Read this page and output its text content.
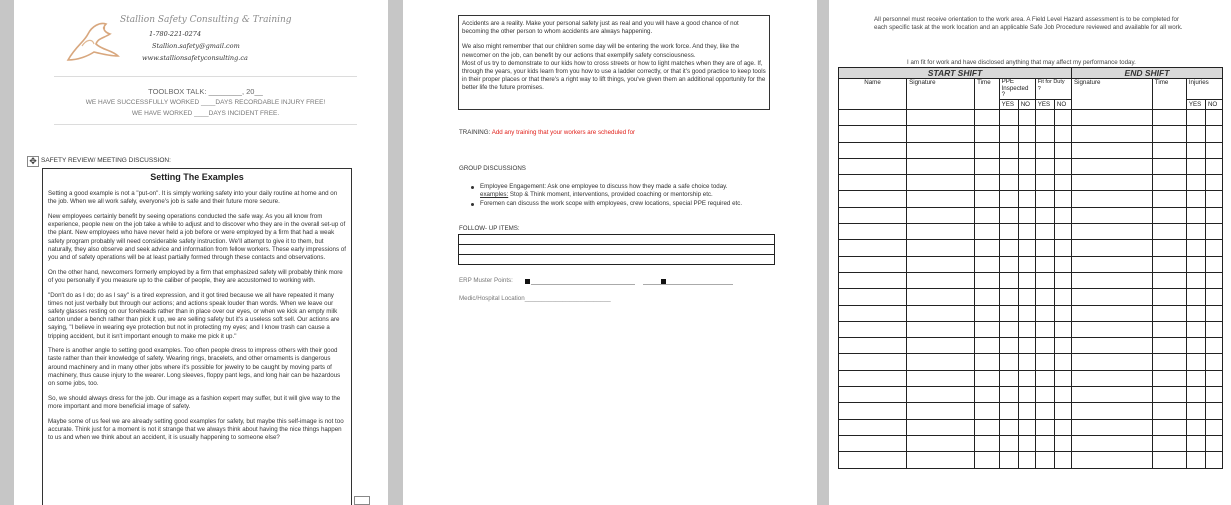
Stallion Safety Consulting & Training
1-780-221-0274
Stallion.safety@gmail.com
www.stallionsafetyconsulting.ca
TOOLBOX TALK: ________, 20__
WE HAVE SUCCESSFULLY WORKED ____DAYS RECORDABLE INJURY FREE!
WE HAVE WORKED ____DAYS INCIDENT FREE.
✥ SAFETY REVIEW/ MEETING DISCUSSION:
Setting The Examples
Setting a good example is not a "put-on". It is simply working safety into your daily routine at home and on the job. When we all work safely, everyone's job is safe and their future more secure.
New employees certainly benefit by seeing operations conducted the safe way. As you all know from experience, people new on the job take a while to adjust and to discover who they are in the overall set-up of the plant. New employees who have never held a job before or were employed by a firm that had a weak safety program probably will need considerable safety instruction. We'll attempt to give it to them, but naturally, they also observe and seek advice and information from fellow workers. These early impressions of you and of safety operations will be at least partially formed through these contacts and observations.
On the other hand, newcomers formerly employed by a firm that emphasized safety will probably think more of you personally if you measure up to the caliber of people, they are accustomed to working with.
"Don't do as I do; do as I say" is a tired expression, and it got tired because we all have repeated it many times not just verbally but through our actions; and actions speak louder than words. When we leave our safety glasses resting on our foreheads rather than in place over our eyes, or when we kick an empty milk carton under a bench rather than pick it up, we are selling safety but it's a useless soft sell. Our actions are saying, "I believe in wearing eye protection but not in protecting my eyes; and I know trash can cause a tripping accident, but it isn't important enough to make me pick it up."
There is another angle to setting good examples. Too often people dress to impress others with their good taste rather than their knowledge of safety. Wearing rings, bracelets, and other ornaments is dangerous around machinery and in many other jobs where it's possible for jewelry to be caught by moving parts of machinery, thus cause injury to the wearer. Long sleeves, floppy pant legs, and long hair can be hazardous on some jobs, too.
So, we should always dress for the job. Our image as a fashion expert may suffer, but it will give way to the more important and more beneficial image of safety.
Maybe some of us feel we are already setting good examples for safety, but maybe this self-image is not too accurate. Think just for a moment is not it strange that we always think about having the nice things happen to us and when we think about an accident, it is usually happening to someone else?
Accidents are a reality. Make your personal safety just as real and you will have a good chance of not becoming the other person to whom accidents are always happening.
We also might remember that our children some day will be entering the work force. And they, like the newcomer on the job, can benefit by our actions that exemplify safety consciousness.
Most of us try to demonstrate to our kids how to cross streets or how to light matches when they are of age. If, through the years, your kids learn from you how to use a ladder correctly, or that it's good practice to keep tools in their proper places or that there's a right way to lift things, you've given them an additional opportunity for the better life the future promises.
TRAINING: Add any training that your workers are scheduled for
GROUP DISCUSSIONS
Employee Engagement: Ask one employee to discuss how they made a safe choice today.
examples: Stop & Think moment, interventions, provided coaching or mentorship etc.
Foremen can discuss the work scope with employees, crew locations, special PPE required etc.
FOLLOW- UP ITEMS:
ERP Muster Points:
Medic/Hospital Location_________________________
All personnel must receive orientation to the work area. A Field Level Hazard assessment is to be completed for each specific task at the work location and an applicable Safe Job Procedure reviewed and available for all work.
I am fit for work and have disclosed anything that may affect my performance today.
START SHIFT							END SHIFT			
Name	Signature	Time	PPE Inspected ?		Fit for Duty ?		Signature	Time	Injuries	
			YES	NO	YES	NO			YES	NO
